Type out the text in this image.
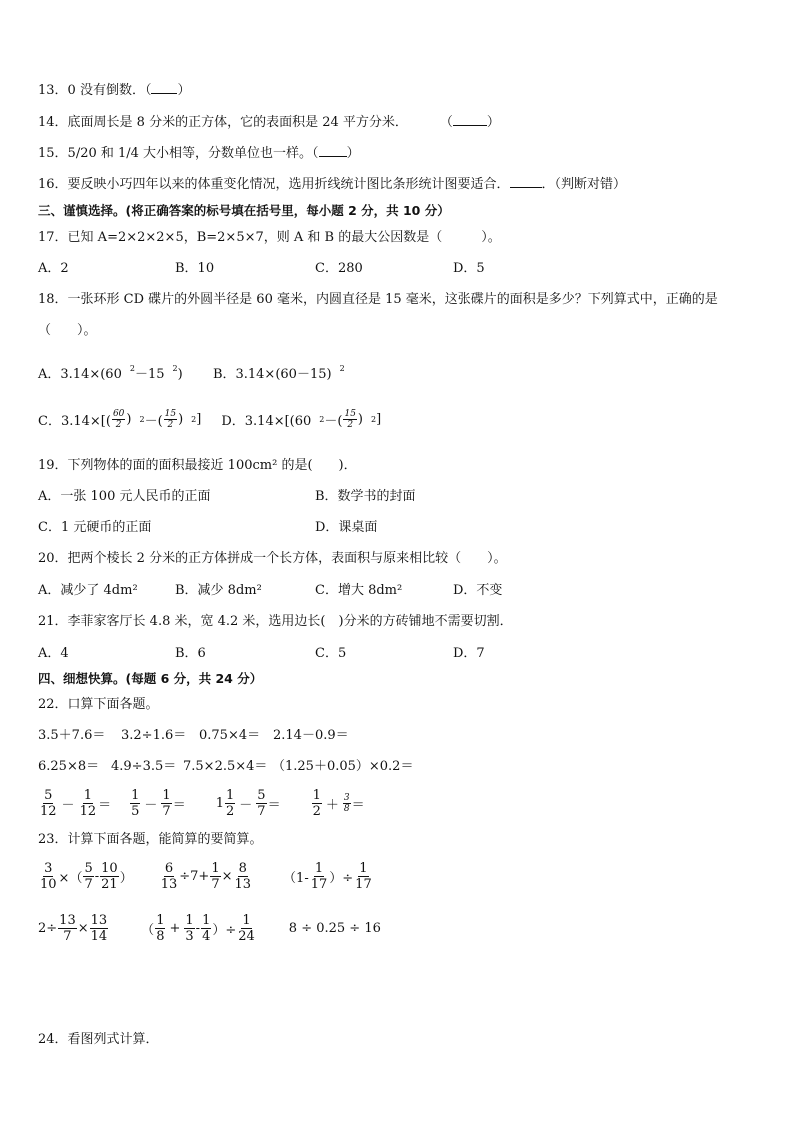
13．0 没有倒数．（ ）
14．底面周长是 8 分米的正方体，它的表面积是 24 平方分米． （	）
15．5/20 和 1/4 大小相等，分数单位也一样。（ ）
16．要反映小巧四年以来的体重变化情况，选用折线统计图比条形统计图要适合． ．（判断对错）
三、谨慎选择。(将正确答案的标号填在括号里，每小题 2 分，共 10 分）
17．已知 A=2×2×2×5，B=2×5×7，则 A 和 B 的最大公因数是（　　　）。
A．2	B．10	C．280	D．5
18．一张环形 CD 碟片的外圆半径是 60 毫米，内圆直径是 15 毫米，这张碟片的面积是多少？下列算式中，正确的是
（　　）。
A．3.14×(60 $^2$－15 $^2$) B．3.14×(60－15) $^2$
C．3.14×[( 60
2 ) 2 －( 15
2 ) 2 ] D．3.14×[(60 2 －( 15
2 ) 2 ]
19．下列物体的面的面积最接近 100cm² 的是(　　)．
A．一张 100 元人民币的正面	B．数学书的封面
C．1 元硬币的正面	D．课桌面
20．把两个棱长 2 分米的正方体拼成一个长方体，表面积与原来相比较（　　）。
A．减少了 4dm²	B．减少 8dm²	C．增大 8dm²	D．不变
21．李菲家客厅长 4.8 米，宽 4.2 米，选用边长(　)分米的方砖铺地不需要切割．
A．4	B．6	C．5	D．7
四、细想快算。(每题 6 分，共 24 分）
22．口算下面各题。
3.5＋7.6＝ 3.2÷1.6＝ 0.75×4＝ 2.14－0.9＝
6.25×8＝ 4.9÷3.5＝ 7.5×2.5×4＝ （1.25＋0.05）×0.2＝
5
12 －
1
12 ＝
1
5 －
1
7 ＝ 1
1
2 －
5
7 ＝
1
2 ＋ 3
8 ＝
23．计算下面各题，能简算的要简算。
$\frac{3}{10}$ ×（
5
7
-
10
21 ） $\frac{6}{13} \div 7+ \frac{1}{7} \times \frac{8}{13} (1-$
1
17 ）÷ $\frac{1}{17}$
$2\div \frac{13}{7} \times \frac{13}{14}$	（
1
8
+ $\frac{1}{3}$ -
1
4 ）÷ $\frac{1}{24}$	8 ÷ 0.25 ÷ 16
24．看图列式计算．
